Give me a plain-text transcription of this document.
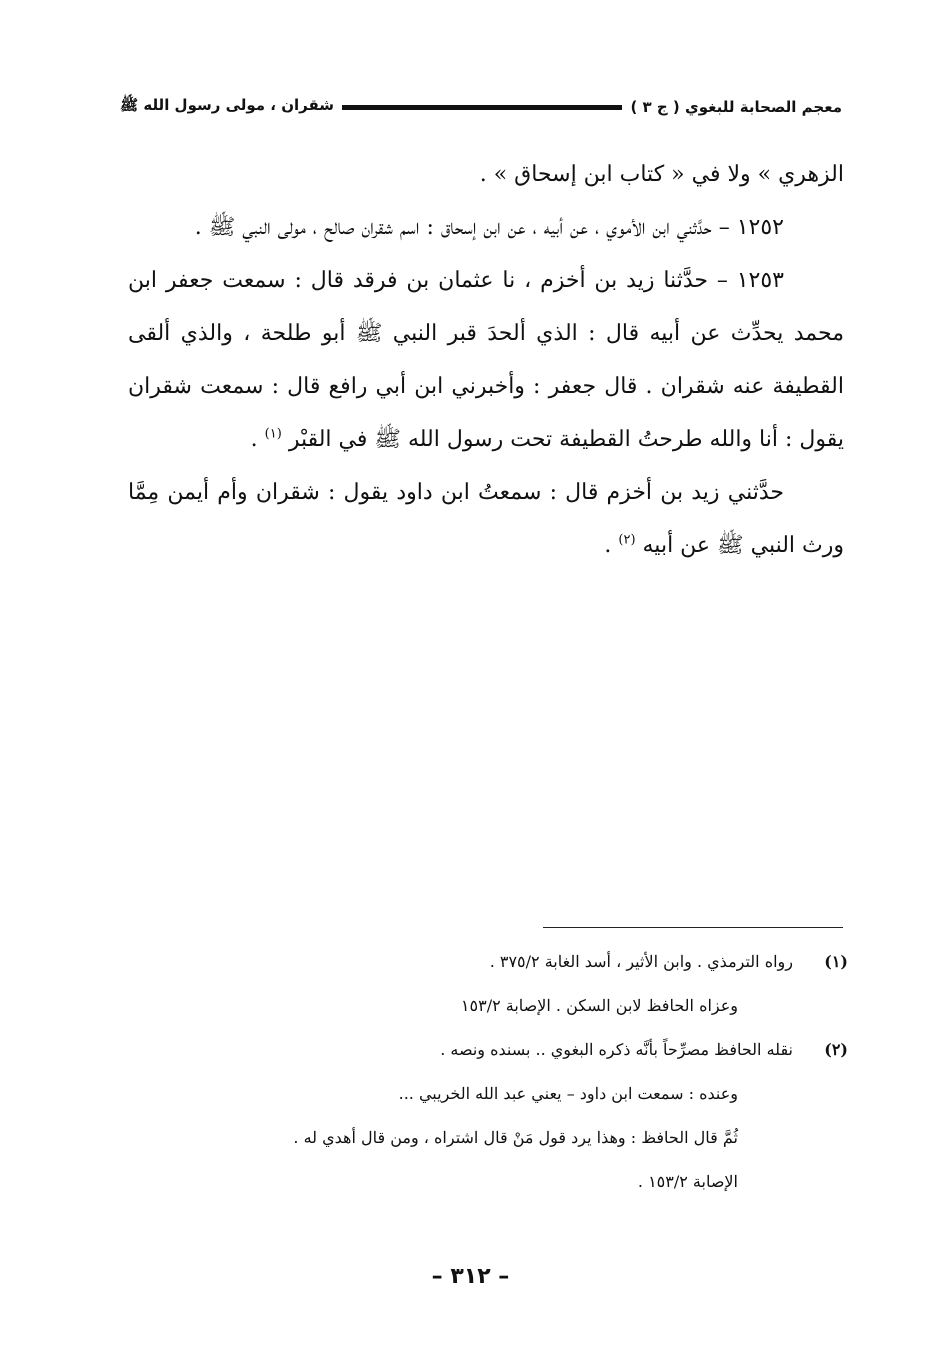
معجم الصحابة للبغوي ( ج ٣ )
شقران ، مولى رسول الله ﷺ

الزهري » ولا في « كتاب ابن إسحاق » .

١٢٥٢ – حدَّثني ابن الأموي ، عن أبيه ، عن ابن إسحاق : اسم شقران صالح ، مولى النبي ﷺ .

١٢٥٣ – حدَّثنا زيد بن أخزم ، نا عثمان بن فرقد قال : سمعت جعفر ابن محمد يحدِّث عن أبيه قال : الذي ألحدَ قبر النبي ﷺ أبو طلحة ، والذي ألقى القطيفة عنه شقران . قال جعفر : وأخبرني ابن أبي رافع قال : سمعت شقران يقول : أنا والله طرحتُ القطيفة تحت رسول الله ﷺ في القبْر $^{(١)}$ .

حدَّثني زيد بن أخزم قال : سمعتُ ابن داود يقول : شقران وأم أيمن مِمَّا ورث النبي ﷺ عن أبيه $^{(٢)}$ .

(١)
رواه الترمذي . وابن الأثير ، أسد الغابة ٣٧٥/٢ .
وعزاه الحافظ لابن السكن . الإصابة ١٥٣/٢
(٢)
نقله الحافظ مصرِّحاً بأنَّه ذكره البغوي .. بسنده ونصه .
وعنده : سمعت ابن داود – يعني عبد الله الخريبي ...
ثُمَّ قال الحافظ : وهذا يرد قول مَنْ قال اشتراه ، ومن قال أهدي له .
الإصابة ١٥٣/٢ .
– ٣١٢ –
